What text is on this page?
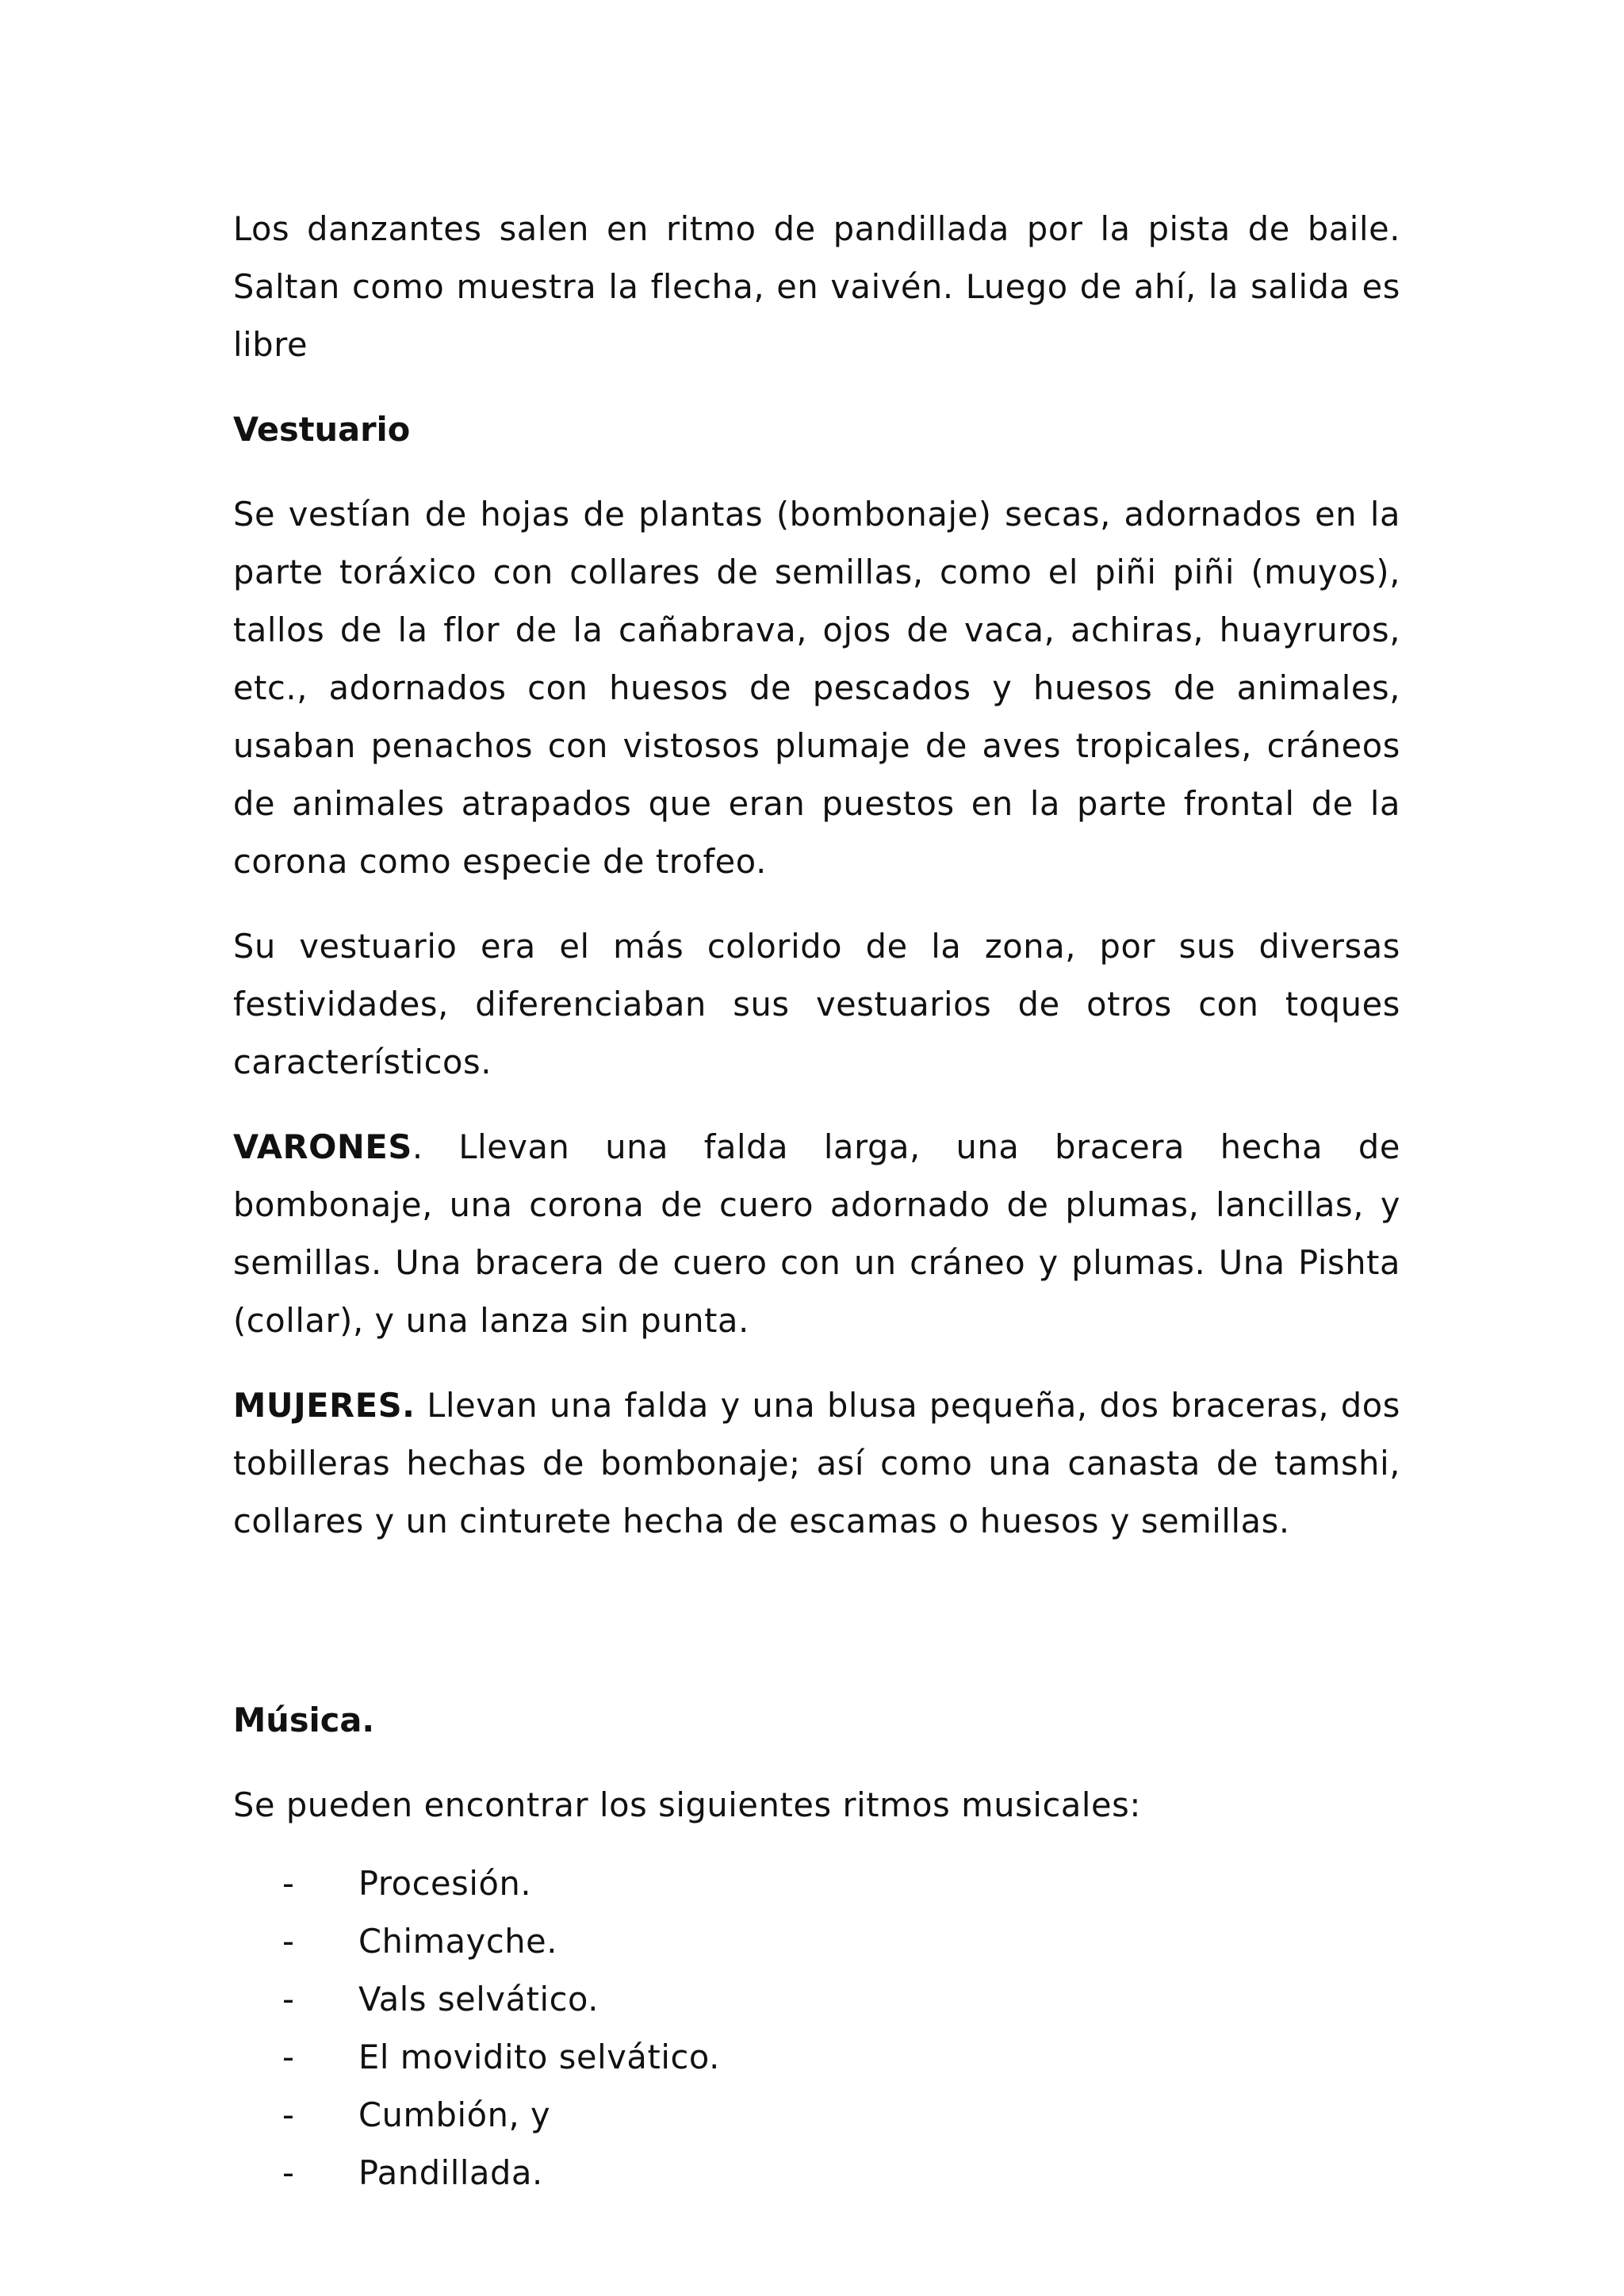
Los danzantes salen en ritmo de pandillada por la pista de baile. Saltan como muestra la flecha, en vaivén. Luego de ahí, la salida es libre

Vestuario

Se vestían de hojas de plantas (bombonaje) secas, adornados en la parte toráxico con collares de semillas, como el piñi piñi (muyos), tallos de la flor de la cañabrava, ojos de vaca, achiras, huayruros, etc., adornados con huesos de pescados y huesos de animales, usaban penachos con vistosos plumaje de aves tropicales, cráneos de animales atrapados que eran puestos en la parte frontal de la corona como especie de trofeo.

Su vestuario era el más colorido de la zona, por sus diversas festividades, diferenciaban sus vestuarios de otros con toques característicos.

VARONES. Llevan una falda larga, una bracera hecha de bombonaje, una corona de cuero adornado de plumas, lancillas, y semillas. Una bracera de cuero con un cráneo y plumas. Una Pishta (collar), y una lanza sin punta.

MUJERES. Llevan una falda y una blusa pequeña, dos braceras, dos tobilleras hechas de bombonaje; así como una canasta de tamshi, collares y un cinturete hecha de escamas o huesos y semillas.

Música.

Se pueden encontrar los siguientes ritmos musicales:

- Procesión.
- Chimayche.
- Vals selvático.
- El movidito selvático.
- Cumbión, y
- Pandillada.
